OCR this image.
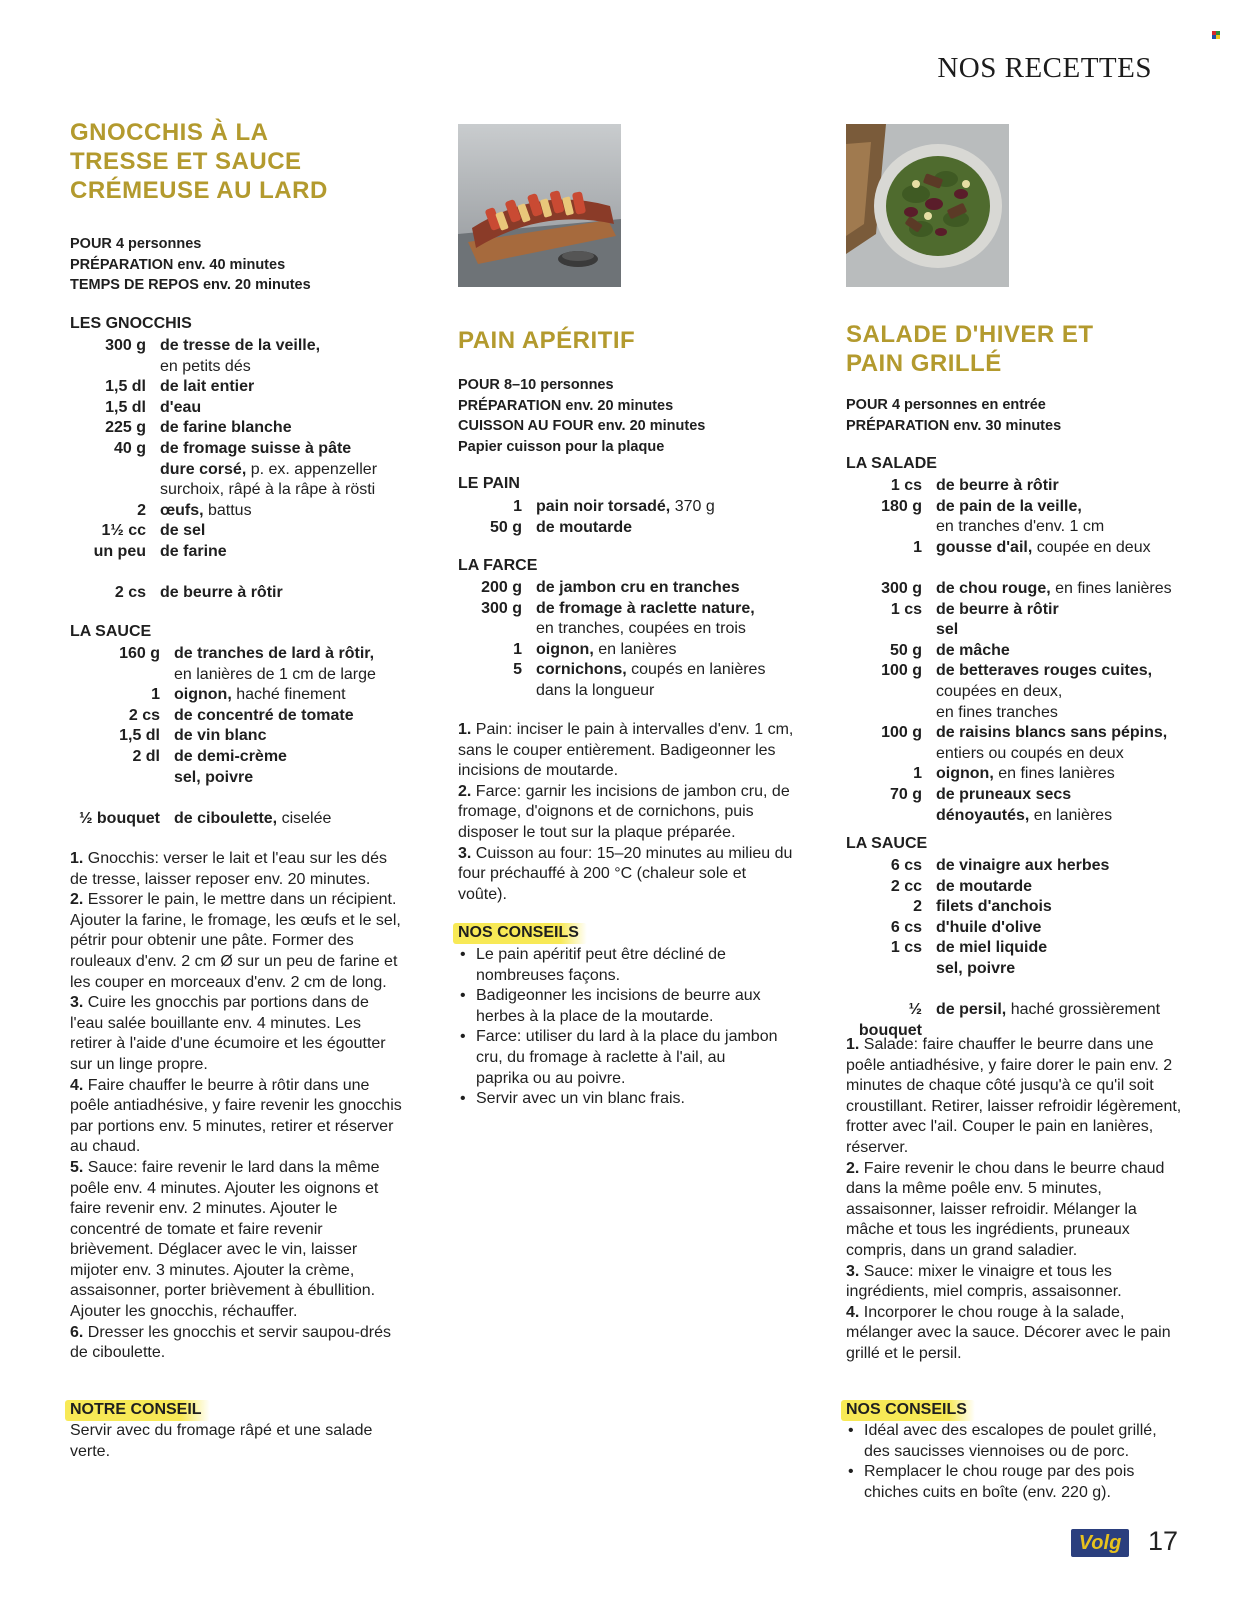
NOS RECETTES
GNOCCHIS À LA TRESSE ET SAUCE CRÉMEUSE AU LARD
POUR 4 personnes
PRÉPARATION env. 40 minutes
TEMPS DE REPOS env. 20 minutes
LES GNOCCHIS
300 g de tresse de la veille,
en petits dés
1,5 dl de lait entier
1,5 dl d'eau
225 g de farine blanche
40 g de fromage suisse à pâte
dure corsé, p. ex. appenzeller
surchoix, râpé à la râpe à rösti
2 œufs, battus
1½ cc de sel
un peu de farine
2 cs de beurre à rôtir
LA SAUCE
160 g de tranches de lard à rôtir,
en lanières de 1 cm de large
1 oignon, haché finement
2 cs de concentré de tomate
1,5 dl de vin blanc
2 dl de demi-crème
sel, poivre
½ bouquet de ciboulette, ciselée

1. Gnocchis: verser le lait et l'eau sur les dés de tresse, laisser reposer env. 20 minutes.

2. Essorer le pain, le mettre dans un récipient. Ajouter la farine, le fromage, les œufs et le sel, pétrir pour obtenir une pâte. Former des rouleaux d'env. 2 cm Ø sur un peu de farine et les couper en morceaux d'env. 2 cm de long.

3. Cuire les gnocchis par portions dans de l'eau salée bouillante env. 4 minutes. Les retirer à l'aide d'une écumoire et les égoutter sur un linge propre.

4. Faire chauffer le beurre à rôtir dans une poêle antiadhésive, y faire revenir les gnocchis par portions env. 5 minutes, retirer et réserver au chaud.

5. Sauce: faire revenir le lard dans la même poêle env. 4 minutes. Ajouter les oignons et faire revenir env. 2 minutes. Ajouter le concentré de tomate et faire revenir brièvement. Déglacer avec le vin, laisser mijoter env. 3 minutes. Ajouter la crème, assaisonner, porter brièvement à ébullition. Ajouter les gnocchis, réchauffer.

6. Dresser les gnocchis et servir saupou-drés de ciboulette.

NOTRE CONSEIL
Servir avec du fromage râpé et une salade verte.
PAIN APÉRITIF
POUR 8–10 personnes
PRÉPARATION env. 20 minutes
CUISSON AU FOUR env. 20 minutes
Papier cuisson pour la plaque
LE PAIN
1 pain noir torsadé, 370 g
50 g de moutarde
LA FARCE
200 g de jambon cru en tranches
300 g de fromage à raclette nature,
en tranches, coupées en trois
1 oignon, en lanières
5 cornichons, coupés en lanières
dans la longueur

1. Pain: inciser le pain à intervalles d'env. 1 cm, sans le couper entièrement. Badigeonner les incisions de moutarde.

2. Farce: garnir les incisions de jambon cru, de fromage, d'oignons et de cornichons, puis disposer le tout sur la plaque préparée.

3. Cuisson au four: 15–20 minutes au milieu du four préchauffé à 200 °C (chaleur sole et voûte).

NOS CONSEILS
• Le pain apéritif peut être décliné de nombreuses façons.
• Badigeonner les incisions de beurre aux herbes à la place de la moutarde.
• Farce: utiliser du lard à la place du jambon cru, du fromage à raclette à l'ail, au paprika ou au poivre.
• Servir avec un vin blanc frais.
SALADE D'HIVER ET PAIN GRILLÉ
POUR 4 personnes en entrée
PRÉPARATION env. 30 minutes
LA SALADE
1 cs de beurre à rôtir
180 g de pain de la veille,
en tranches d'env. 1 cm
1 gousse d'ail, coupée en deux
300 g de chou rouge, en fines lanières
1 cs de beurre à rôtir
sel
50 g de mâche
100 g de betteraves rouges cuites,
coupées en deux,
en fines tranches
100 g de raisins blancs sans pépins,
entiers ou coupés en deux
1 oignon, en fines lanières
70 g de pruneaux secs
dénoyautés, en lanières
LA SAUCE
6 cs de vinaigre aux herbes
2 cc de moutarde
2 filets d'anchois
6 cs d'huile d'olive
1 cs de miel liquide
sel, poivre
½ bouquet
de persil, haché grossièrement

1. Salade: faire chauffer le beurre dans une poêle antiadhésive, y faire dorer le pain env. 2 minutes de chaque côté jusqu'à ce qu'il soit croustillant. Retirer, laisser refroidir légèrement, frotter avec l'ail. Couper le pain en lanières, réserver.

2. Faire revenir le chou dans le beurre chaud dans la même poêle env. 5 minutes, assaisonner, laisser refroidir. Mélanger la mâche et tous les ingrédients, pruneaux compris, dans un grand saladier.

3. Sauce: mixer le vinaigre et tous les ingrédients, miel compris, assaisonner.

4. Incorporer le chou rouge à la salade, mélanger avec la sauce. Décorer avec le pain grillé et le persil.

NOS CONSEILS
• Idéal avec des escalopes de poulet grillé, des saucisses viennoises ou de porc.
• Remplacer le chou rouge par des pois chiches cuits en boîte (env. 220 g).
Volg 17
